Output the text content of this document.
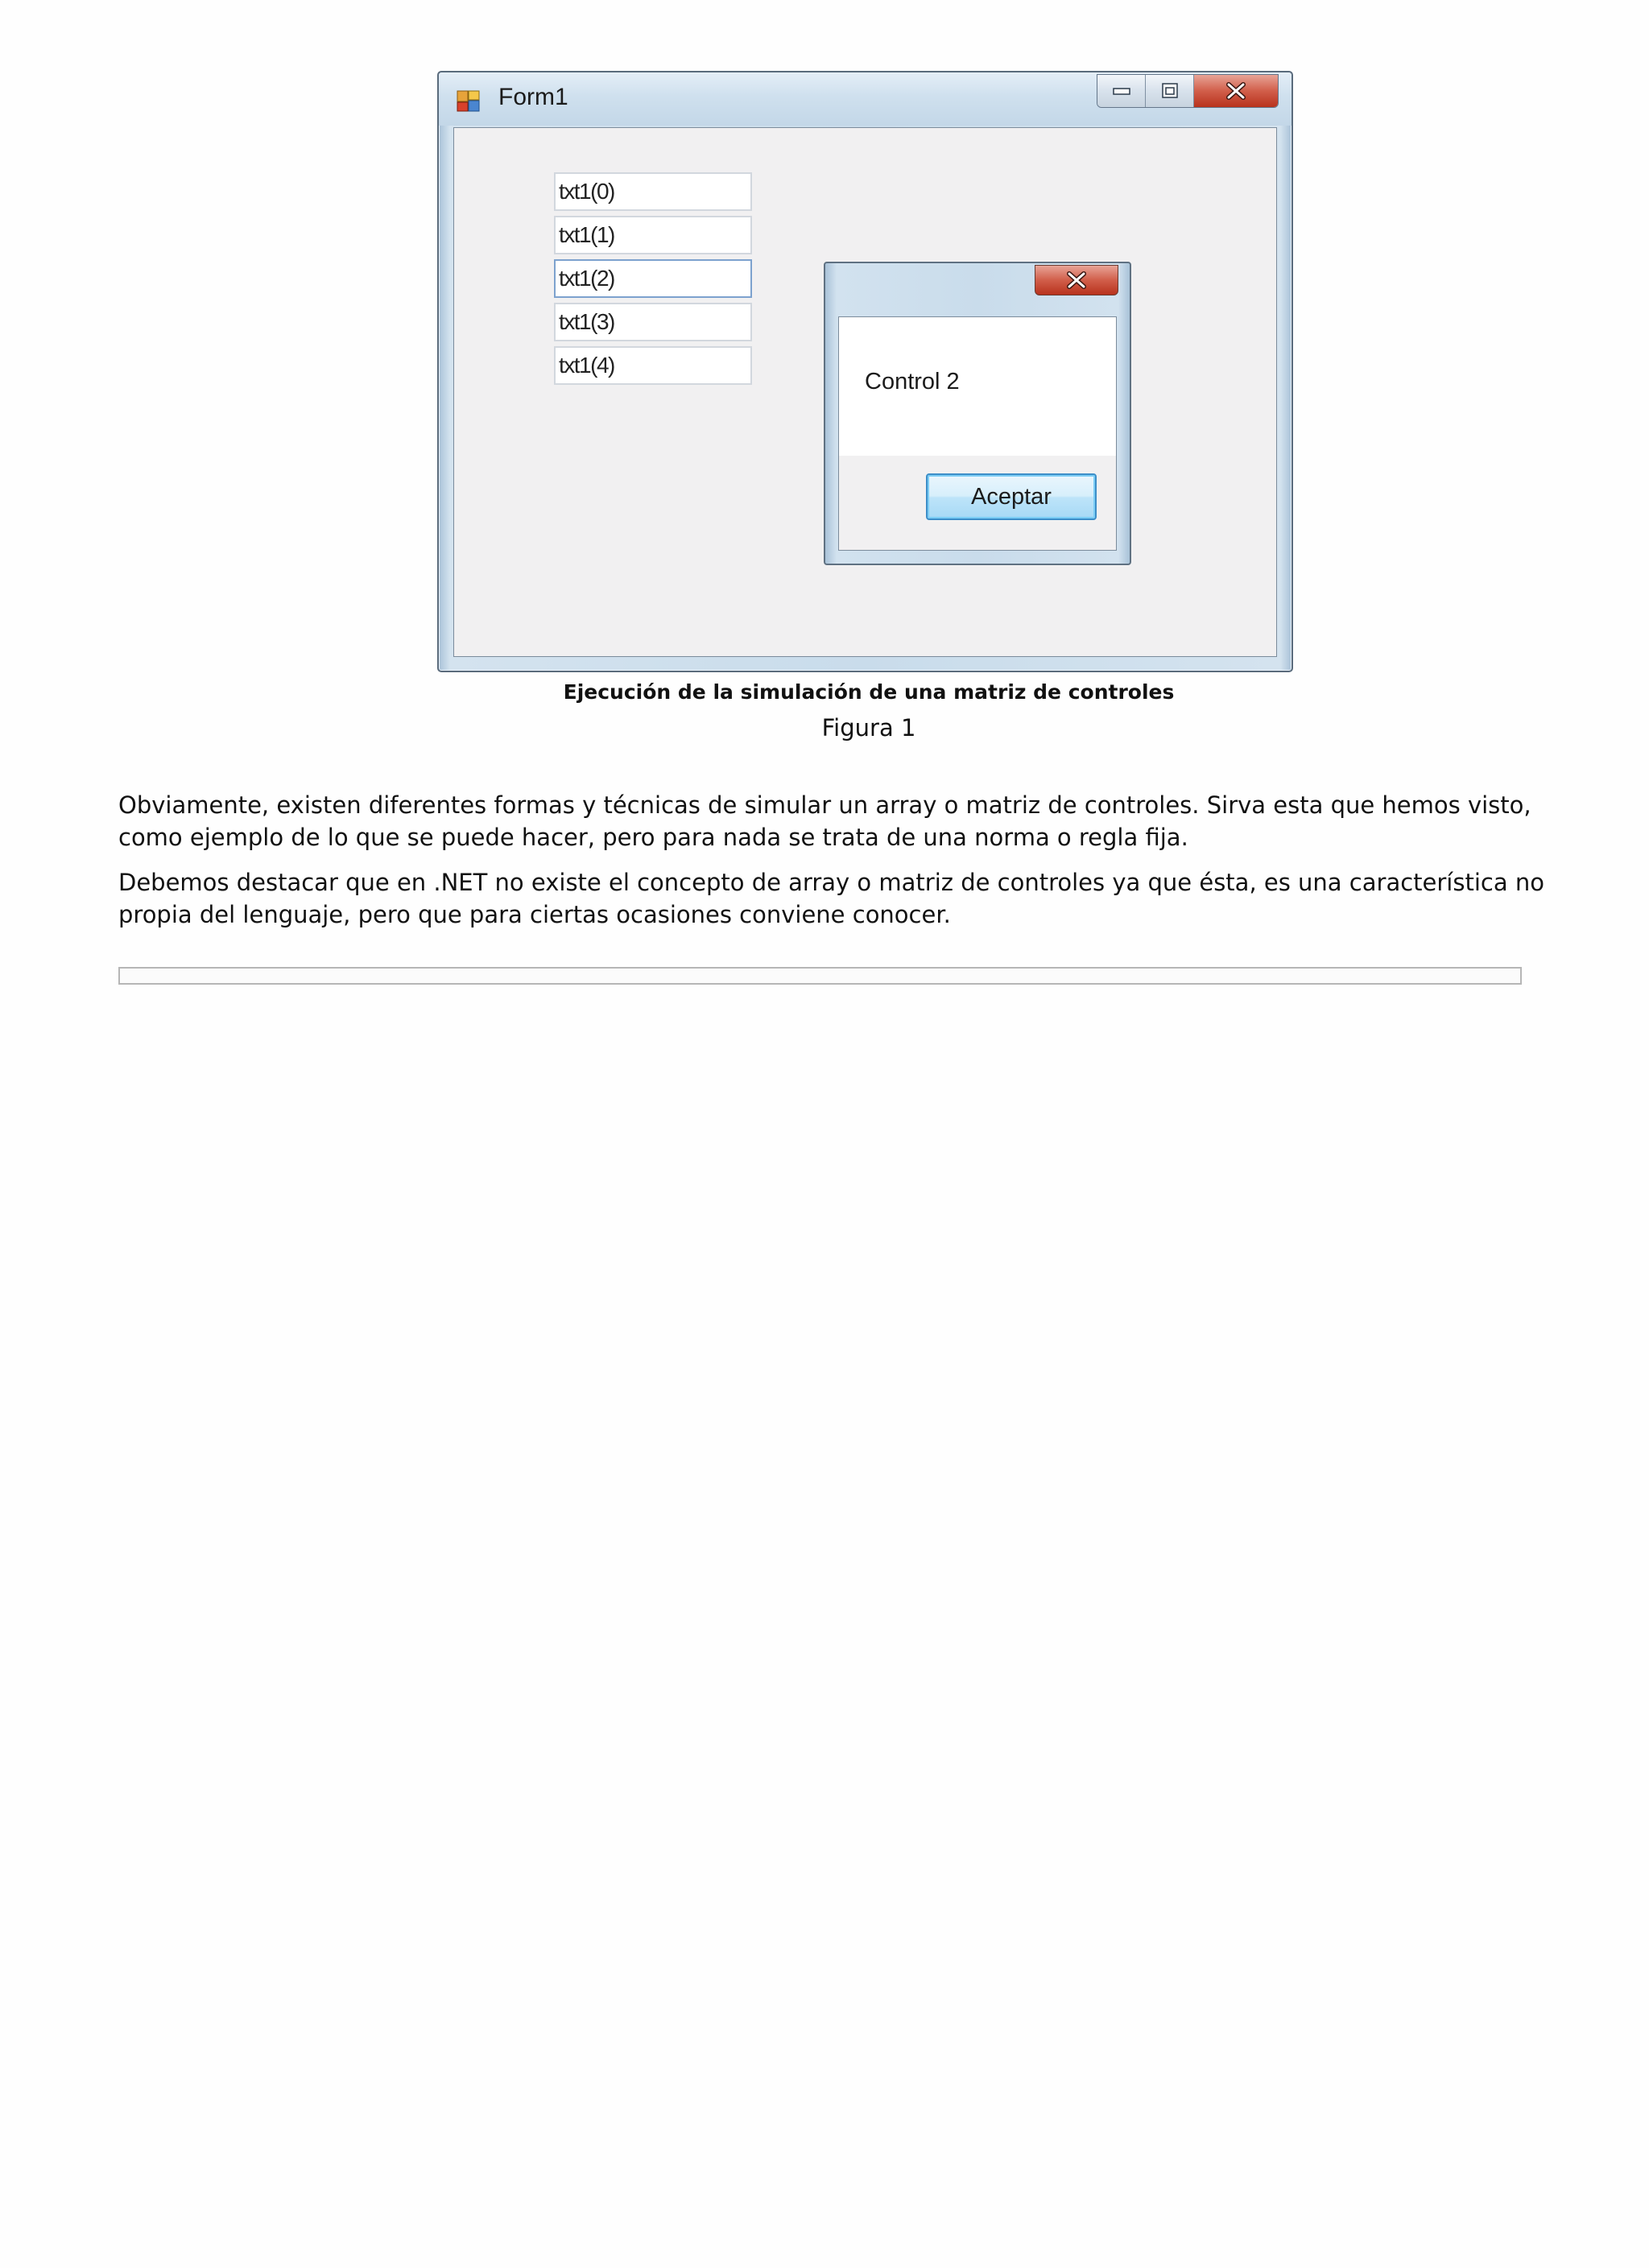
Form1
txt1(0)
txt1(1)
txt1(2)
txt1(3)
txt1(4)
Control 2
Aceptar
Ejecución de la simulación de una matriz de controles
Figura 1

Obviamente, existen diferentes formas y técnicas de simular un array o matriz de controles. Sirva esta que hemos visto, como ejemplo de lo que se puede hacer, pero para nada se trata de una norma o regla fija.

Debemos destacar que en .NET no existe el concepto de array o matriz de controles ya que ésta, es una característica no propia del lenguaje, pero que para ciertas ocasiones conviene conocer.
